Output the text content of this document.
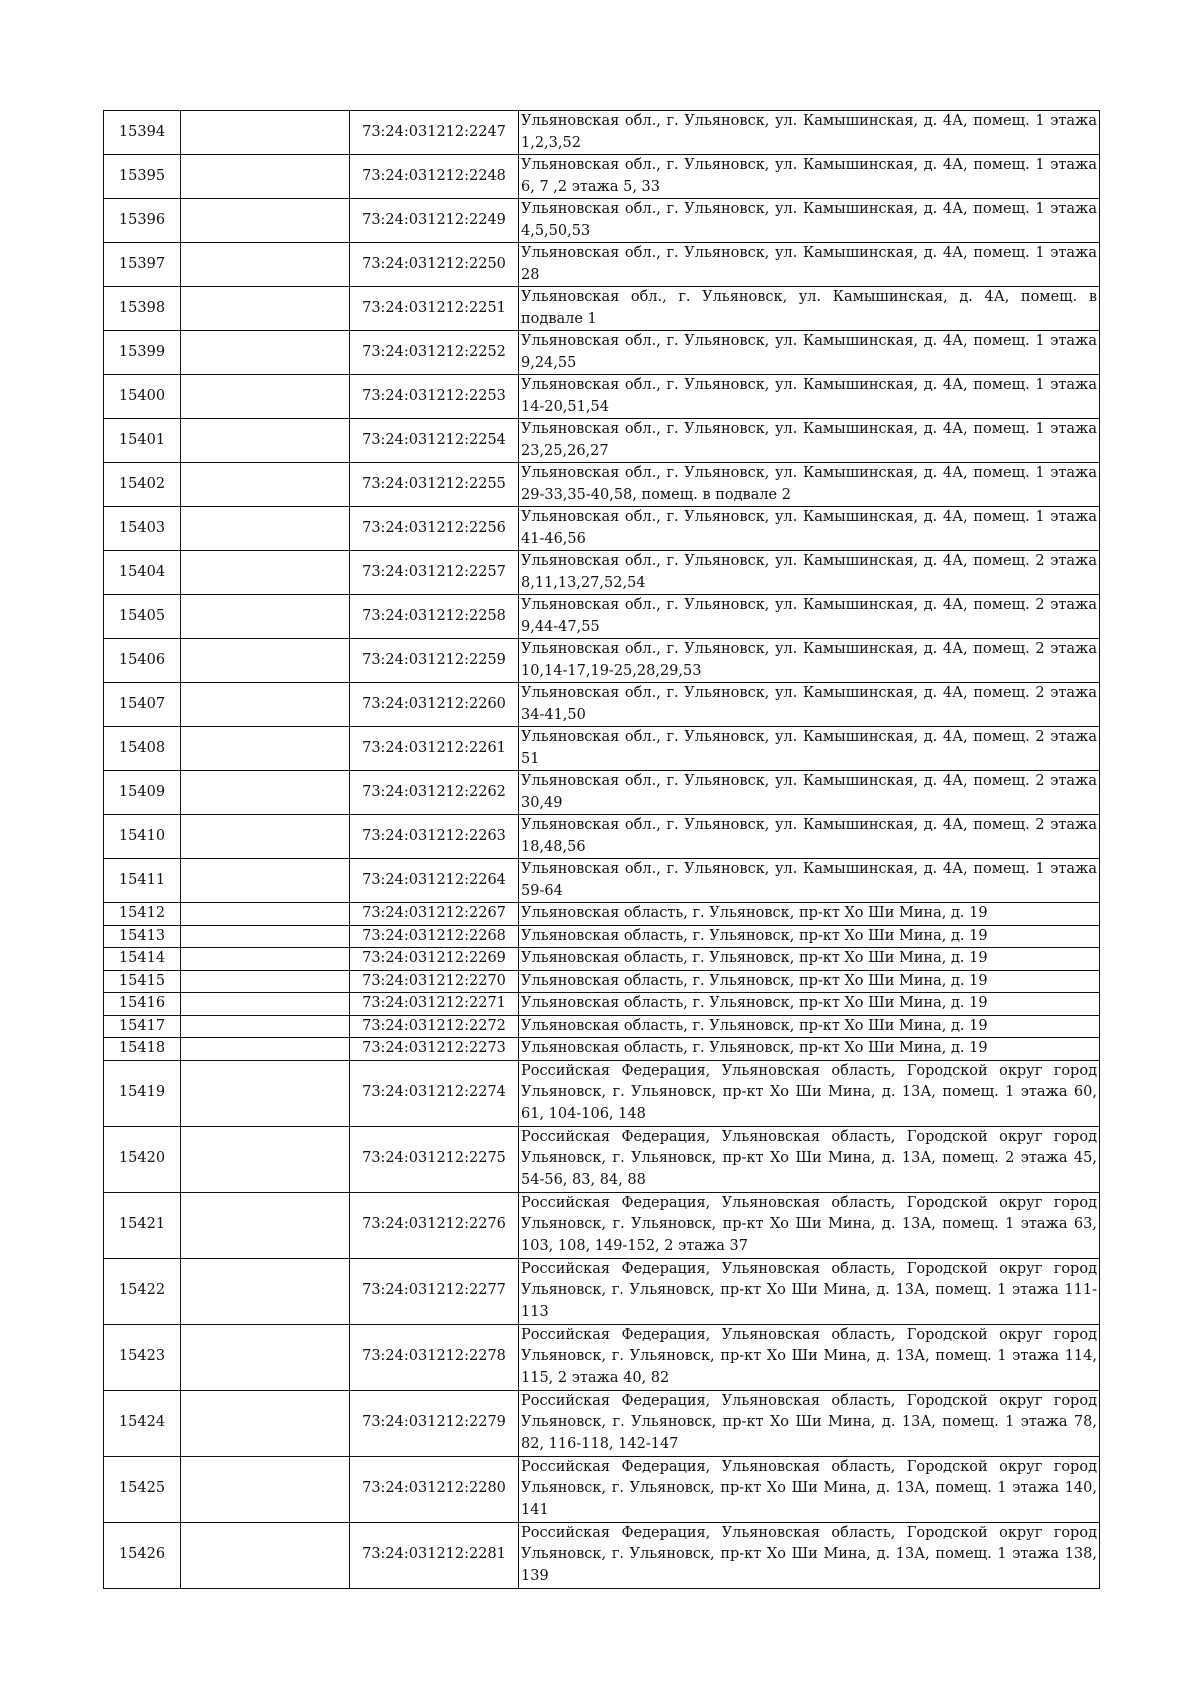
15394		73:24:031212:2247	Ульяновская обл., г. Ульяновск, ул. Камышинская, д. 4А, помещ. 1 этажа 1,2,3,52
15395		73:24:031212:2248	Ульяновская обл., г. Ульяновск, ул. Камышинская, д. 4А, помещ. 1 этажа 6, 7 ,2 этажа 5, 33
15396		73:24:031212:2249	Ульяновская обл., г. Ульяновск, ул. Камышинская, д. 4А, помещ. 1 этажа 4,5,50,53
15397		73:24:031212:2250	Ульяновская обл., г. Ульяновск, ул. Камышинская, д. 4А, помещ. 1 этажа 28
15398		73:24:031212:2251	Ульяновская обл., г. Ульяновск, ул. Камышинская, д. 4А, помещ. в подвале 1
15399		73:24:031212:2252	Ульяновская обл., г. Ульяновск, ул. Камышинская, д. 4А, помещ. 1 этажа 9,24,55
15400		73:24:031212:2253	Ульяновская обл., г. Ульяновск, ул. Камышинская, д. 4А, помещ. 1 этажа 14-20,51,54
15401		73:24:031212:2254	Ульяновская обл., г. Ульяновск, ул. Камышинская, д. 4А, помещ. 1 этажа 23,25,26,27
15402		73:24:031212:2255	Ульяновская обл., г. Ульяновск, ул. Камышинская, д. 4А, помещ. 1 этажа 29-33,35-40,58, помещ. в подвале 2
15403		73:24:031212:2256	Ульяновская обл., г. Ульяновск, ул. Камышинская, д. 4А, помещ. 1 этажа 41-46,56
15404		73:24:031212:2257	Ульяновская обл., г. Ульяновск, ул. Камышинская, д. 4А, помещ. 2 этажа 8,11,13,27,52,54
15405		73:24:031212:2258	Ульяновская обл., г. Ульяновск, ул. Камышинская, д. 4А, помещ. 2 этажа 9,44-47,55
15406		73:24:031212:2259	Ульяновская обл., г. Ульяновск, ул. Камышинская, д. 4А, помещ. 2 этажа 10,14-17,19-25,28,29,53
15407		73:24:031212:2260	Ульяновская обл., г. Ульяновск, ул. Камышинская, д. 4А, помещ. 2 этажа 34-41,50
15408		73:24:031212:2261	Ульяновская обл., г. Ульяновск, ул. Камышинская, д. 4А, помещ. 2 этажа 51
15409		73:24:031212:2262	Ульяновская обл., г. Ульяновск, ул. Камышинская, д. 4А, помещ. 2 этажа 30,49
15410		73:24:031212:2263	Ульяновская обл., г. Ульяновск, ул. Камышинская, д. 4А, помещ. 2 этажа 18,48,56
15411		73:24:031212:2264	Ульяновская обл., г. Ульяновск, ул. Камышинская, д. 4А, помещ. 1 этажа 59-64
15412		73:24:031212:2267	Ульяновская область, г. Ульяновск, пр-кт Хо Ши Мина, д. 19
15413		73:24:031212:2268	Ульяновская область, г. Ульяновск, пр-кт Хо Ши Мина, д. 19
15414		73:24:031212:2269	Ульяновская область, г. Ульяновск, пр-кт Хо Ши Мина, д. 19
15415		73:24:031212:2270	Ульяновская область, г. Ульяновск, пр-кт Хо Ши Мина, д. 19
15416		73:24:031212:2271	Ульяновская область, г. Ульяновск, пр-кт Хо Ши Мина, д. 19
15417		73:24:031212:2272	Ульяновская область, г. Ульяновск, пр-кт Хо Ши Мина, д. 19
15418		73:24:031212:2273	Ульяновская область, г. Ульяновск, пр-кт Хо Ши Мина, д. 19
15419		73:24:031212:2274	Российская Федерация, Ульяновская область, Городской округ город Ульяновск, г. Ульяновск, пр-кт Хо Ши Мина, д. 13А, помещ. 1 этажа 60, 61, 104-106, 148
15420		73:24:031212:2275	Российская Федерация, Ульяновская область, Городской округ город Ульяновск, г. Ульяновск, пр-кт Хо Ши Мина, д. 13А, помещ. 2 этажа 45, 54-56, 83, 84, 88
15421		73:24:031212:2276	Российская Федерация, Ульяновская область, Городской округ город Ульяновск, г. Ульяновск, пр-кт Хо Ши Мина, д. 13А, помещ. 1 этажа 63, 103, 108, 149-152, 2 этажа 37
15422		73:24:031212:2277	Российская Федерация, Ульяновская область, Городской округ город Ульяновск, г. Ульяновск, пр-кт Хо Ши Мина, д. 13А, помещ. 1 этажа 111-113
15423		73:24:031212:2278	Российская Федерация, Ульяновская область, Городской округ город Ульяновск, г. Ульяновск, пр-кт Хо Ши Мина, д. 13А, помещ. 1 этажа 114, 115, 2 этажа 40, 82
15424		73:24:031212:2279	Российская Федерация, Ульяновская область, Городской округ город Ульяновск, г. Ульяновск, пр-кт Хо Ши Мина, д. 13А, помещ. 1 этажа 78, 82, 116-118, 142-147
15425		73:24:031212:2280	Российская Федерация, Ульяновская область, Городской округ город Ульяновск, г. Ульяновск, пр-кт Хо Ши Мина, д. 13А, помещ. 1 этажа 140, 141
15426		73:24:031212:2281	Российская Федерация, Ульяновская область, Городской округ город Ульяновск, г. Ульяновск, пр-кт Хо Ши Мина, д. 13А, помещ. 1 этажа 138, 139
